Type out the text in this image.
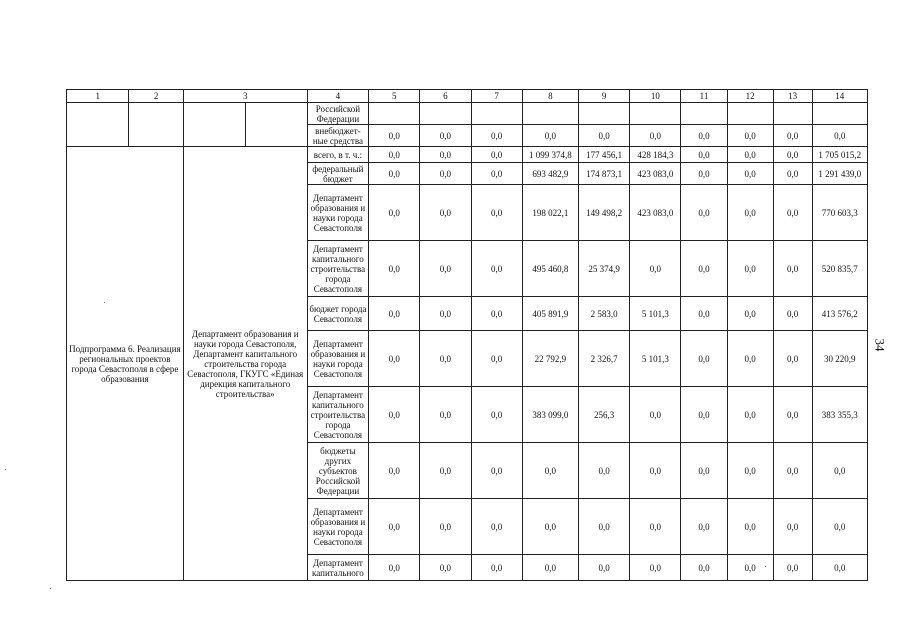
1	2	3		4	5	6	7	8	9	10	11	12	13	14
				Российской Федерации										
				внебюджет-ные средства	0,0	0,0	0,0	0,0	0,0	0,0	0,0	0,0	0,0	0,0
Подпрограмма 6. Реализация региональных проектов города Севастополя в сфере образования		Департамент образования и науки города Севастополя, Департамент капитального строительства города Севастополя, ГКУГС «Единая дирекция капитального строительства»		всего, в т. ч.:	0,0	0,0	0,0	1 099 374,8	177 456,1	428 184,3	0,0	0,0	0,0	1 705 015,2
				федеральный бюджет	0,0	0,0	0,0	693 482,9	174 873,1	423 083,0	0,0	0,0	0,0	1 291 439,0
				Департамент образования и науки города Севастополя	0,0	0,0	0,0	198 022,1	149 498,2	423 083,0	0,0	0,0	0,0	770 603,3
				Департамент капитального строительства города Севастополя	0,0	0,0	0,0	495 460,8	25 374,9	0,0	0,0	0,0	0,0	520 835,7
				бюджет города Севастополя	0,0	0,0	0,0	405 891,9	2 583,0	5 101,3	0,0	0,0	0,0	413 576,2
				Департамент образования и науки города Севастополя	0,0	0,0	0,0	22 792,9	2 326,7	5 101,3	0,0	0,0	0,0	30 220,9
				Департамент капитального строительства города Севастополя	0,0	0,0	0,0	383 099,0	256,3	0,0	0,0	0,0	0,0	383 355,3
				бюджеты других субъектов Российской Федерации	0,0	0,0	0,0	0,0	0,0	0,0	0,0	0,0	0,0	0,0
				Департамент образования и науки города Севастополя	0,0	0,0	0,0	0,0	0,0	0,0	0,0	0,0	0,0	0,0
				Департамент капитального	0,0	0,0	0,0	0,0	0,0	0,0	0,0	0,0	0,0	0,0
34
